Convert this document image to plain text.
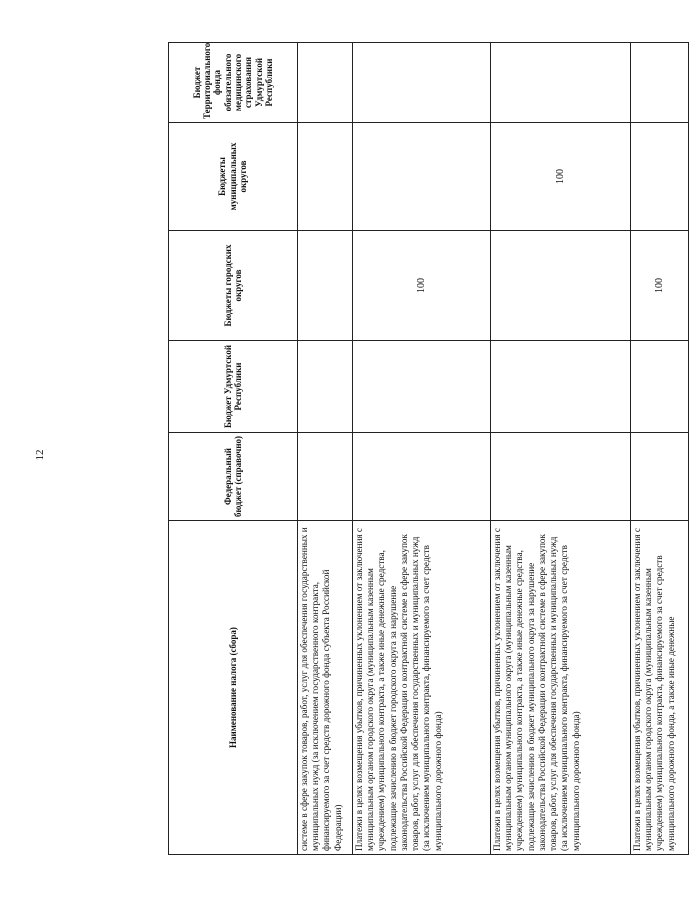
12
Наименование налога (сбора)	Федеральный бюджет (справочно)	Бюджет Удмуртской Республики	Бюджеты городских округов	Бюджеты муниципальных округов	Бюджет Территориального фонда обязательного медицинского страхования Удмуртской Республики
системе в сфере закупок товаров, работ, услуг для обеспечения государственных и муниципальных нужд (за исключением государственного контракта, финансируемого за счет средств дорожного фонда субъекта Российской Федерации)					
Платежи в целях возмещения убытков, причиненных уклонением от заключения с муниципальным органом городского округа (муниципальным казенным учреждением) муниципального контракта, а также иные денежные средства, подлежащие зачислению в бюджет городского округа за нарушение законодательства Российской Федерации о контрактной системе в сфере закупок товаров, работ, услуг для обеспечения государственных и муниципальных нужд (за исключением муниципального контракта, финансируемого за счет средств муниципального дорожного фонда)			100		
Платежи в целях возмещения убытков, причиненных уклонением от заключения с муниципальным органом муниципального округа (муниципальным казенным учреждением) муниципального контракта, а также иные денежные средства, подлежащие зачислению в бюджет муниципального округа за нарушение законодательства Российской Федерации о контрактной системе в сфере закупок товаров, работ, услуг для обеспечения государственных и муниципальных нужд (за исключением муниципального контракта, финансируемого за счет средств муниципального дорожного фонда)				100	
Платежи в целях возмещения убытков, причиненных уклонением от заключения с муниципальным органом городского округа (муниципальным казенным учреждением) муниципального контракта, финансируемого за счет средств муниципального дорожного фонда, а также иные денежные			100		
